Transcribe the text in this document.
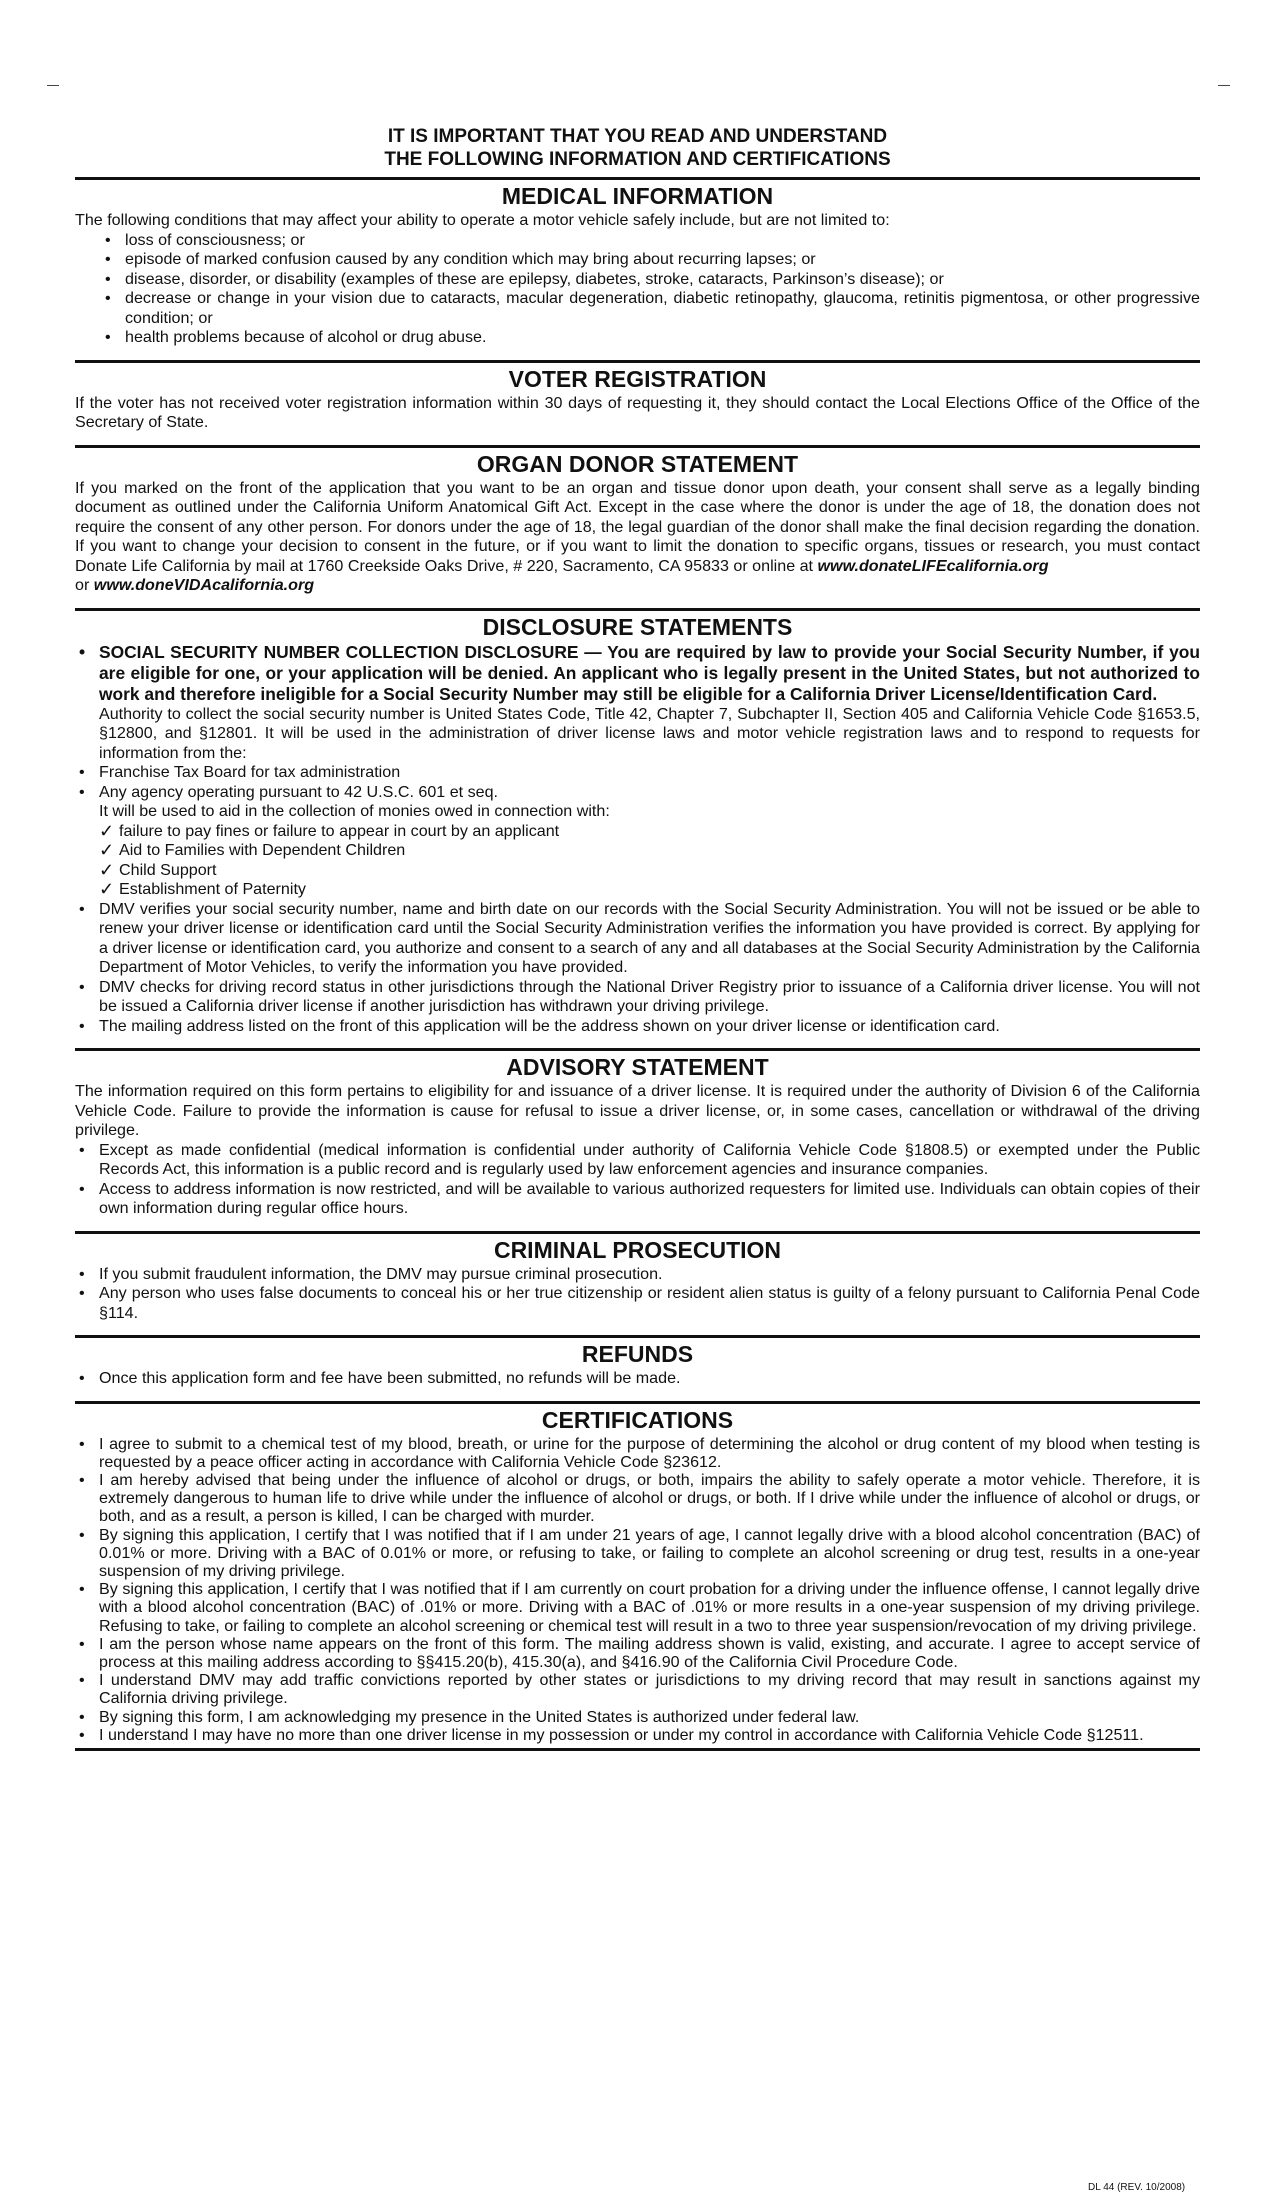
IT IS IMPORTANT THAT YOU READ AND UNDERSTAND
THE FOLLOWING INFORMATION AND CERTIFICATIONS
MEDICAL INFORMATION

The following conditions that may affect your ability to operate a motor vehicle safely include, but are not limited to:

• loss of consciousness; or
• episode of marked confusion caused by any condition which may bring about recurring lapses; or
• disease, disorder, or disability (examples of these are epilepsy, diabetes, stroke, cataracts, Parkinson’s disease); or
• decrease or change in your vision due to cataracts, macular degeneration, diabetic retinopathy, glaucoma, retinitis pigmentosa, or other progressive condition; or
• health problems because of alcohol or drug abuse.
VOTER REGISTRATION

If the voter has not received voter registration information within 30 days of requesting it, they should contact the Local Elections Office of the Office of the Secretary of State.

ORGAN DONOR STATEMENT

If you marked on the front of the application that you want to be an organ and tissue donor upon death, your consent shall serve as a legally binding document as outlined under the California Uniform Anatomical Gift Act. Except in the case where the donor is under the age of 18, the donation does not require the consent of any other person. For donors under the age of 18, the legal guardian of the donor shall make the final decision regarding the donation. If you want to change your decision to consent in the future, or if you want to limit the donation to specific organs, tissues or research, you must contact Donate Life California by mail at 1760 Creekside Oaks Drive, # 220, Sacramento, CA 95833 or online at www.donateLIFEcalifornia.org
or www.doneVIDAcalifornia.org

DISCLOSURE STATEMENTS
• SOCIAL SECURITY NUMBER COLLECTION DISCLOSURE — You are required by law to provide your Social Security Number, if you are eligible for one, or your application will be denied. An applicant who is legally present in the United States, but not authorized to work and therefore ineligible for a Social Security Number may still be eligible for a California Driver License/Identification Card.
Authority to collect the social security number is United States Code, Title 42, Chapter 7, Subchapter II, Section 405 and California Vehicle Code §1653.5, §12800, and §12801. It will be used in the administration of driver license laws and motor vehicle registration laws and to respond to requests for information from the:
• Franchise Tax Board for tax administration
• Any agency operating pursuant to 42 U.S.C. 601 et seq.
It will be used to aid in the collection of monies owed in connection with:
✓ failure to pay fines or failure to appear in court by an applicant
✓ Aid to Families with Dependent Children
✓ Child Support
✓ Establishment of Paternity
• DMV verifies your social security number, name and birth date on our records with the Social Security Administration. You will not be issued or be able to renew your driver license or identification card until the Social Security Administration verifies the information you have provided is correct. By applying for a driver license or identification card, you authorize and consent to a search of any and all databases at the Social Security Administration by the California Department of Motor Vehicles, to verify the information you have provided.
• DMV checks for driving record status in other jurisdictions through the National Driver Registry prior to issuance of a California driver license. You will not be issued a California driver license if another jurisdiction has withdrawn your driving privilege.
• The mailing address listed on the front of this application will be the address shown on your driver license or identification card.
ADVISORY STATEMENT

The information required on this form pertains to eligibility for and issuance of a driver license. It is required under the authority of Division 6 of the California Vehicle Code. Failure to provide the information is cause for refusal to issue a driver license, or, in some cases, cancellation or withdrawal of the driving privilege.

• Except as made confidential (medical information is confidential under authority of California Vehicle Code §1808.5) or exempted under the Public Records Act, this information is a public record and is regularly used by law enforcement agencies and insurance companies.
• Access to address information is now restricted, and will be available to various authorized requesters for limited use. Individuals can obtain copies of their own information during regular office hours.
CRIMINAL PROSECUTION
• If you submit fraudulent information, the DMV may pursue criminal prosecution.
• Any person who uses false documents to conceal his or her true citizenship or resident alien status is guilty of a felony pursuant to California Penal Code §114.
REFUNDS
• Once this application form and fee have been submitted, no refunds will be made.
CERTIFICATIONS
• I agree to submit to a chemical test of my blood, breath, or urine for the purpose of determining the alcohol or drug content of my blood when testing is requested by a peace officer acting in accordance with California Vehicle Code §23612.
• I am hereby advised that being under the influence of alcohol or drugs, or both, impairs the ability to safely operate a motor vehicle. Therefore, it is extremely dangerous to human life to drive while under the influence of alcohol or drugs, or both. If I drive while under the influence of alcohol or drugs, or both, and as a result, a person is killed, I can be charged with murder.
• By signing this application, I certify that I was notified that if I am under 21 years of age, I cannot legally drive with a blood alcohol concentration (BAC) of 0.01% or more. Driving with a BAC of 0.01% or more, or refusing to take, or failing to complete an alcohol screening or drug test, results in a one-year suspension of my driving privilege.
• By signing this application, I certify that I was notified that if I am currently on court probation for a driving under the influence offense, I cannot legally drive with a blood alcohol concentration (BAC) of .01% or more. Driving with a BAC of .01% or more results in a one-year suspension of my driving privilege. Refusing to take, or failing to complete an alcohol screening or chemical test will result in a two to three year suspension/revocation of my driving privilege.
• I am the person whose name appears on the front of this form. The mailing address shown is valid, existing, and accurate. I agree to accept service of process at this mailing address according to §§415.20(b), 415.30(a), and §416.90 of the California Civil Procedure Code.
• I understand DMV may add traffic convictions reported by other states or jurisdictions to my driving record that may result in sanctions against my California driving privilege.
• By signing this form, I am acknowledging my presence in the United States is authorized under federal law.
• I understand I may have no more than one driver license in my possession or under my control in accordance with California Vehicle Code §12511.
DL 44 (REV. 10/2008)
